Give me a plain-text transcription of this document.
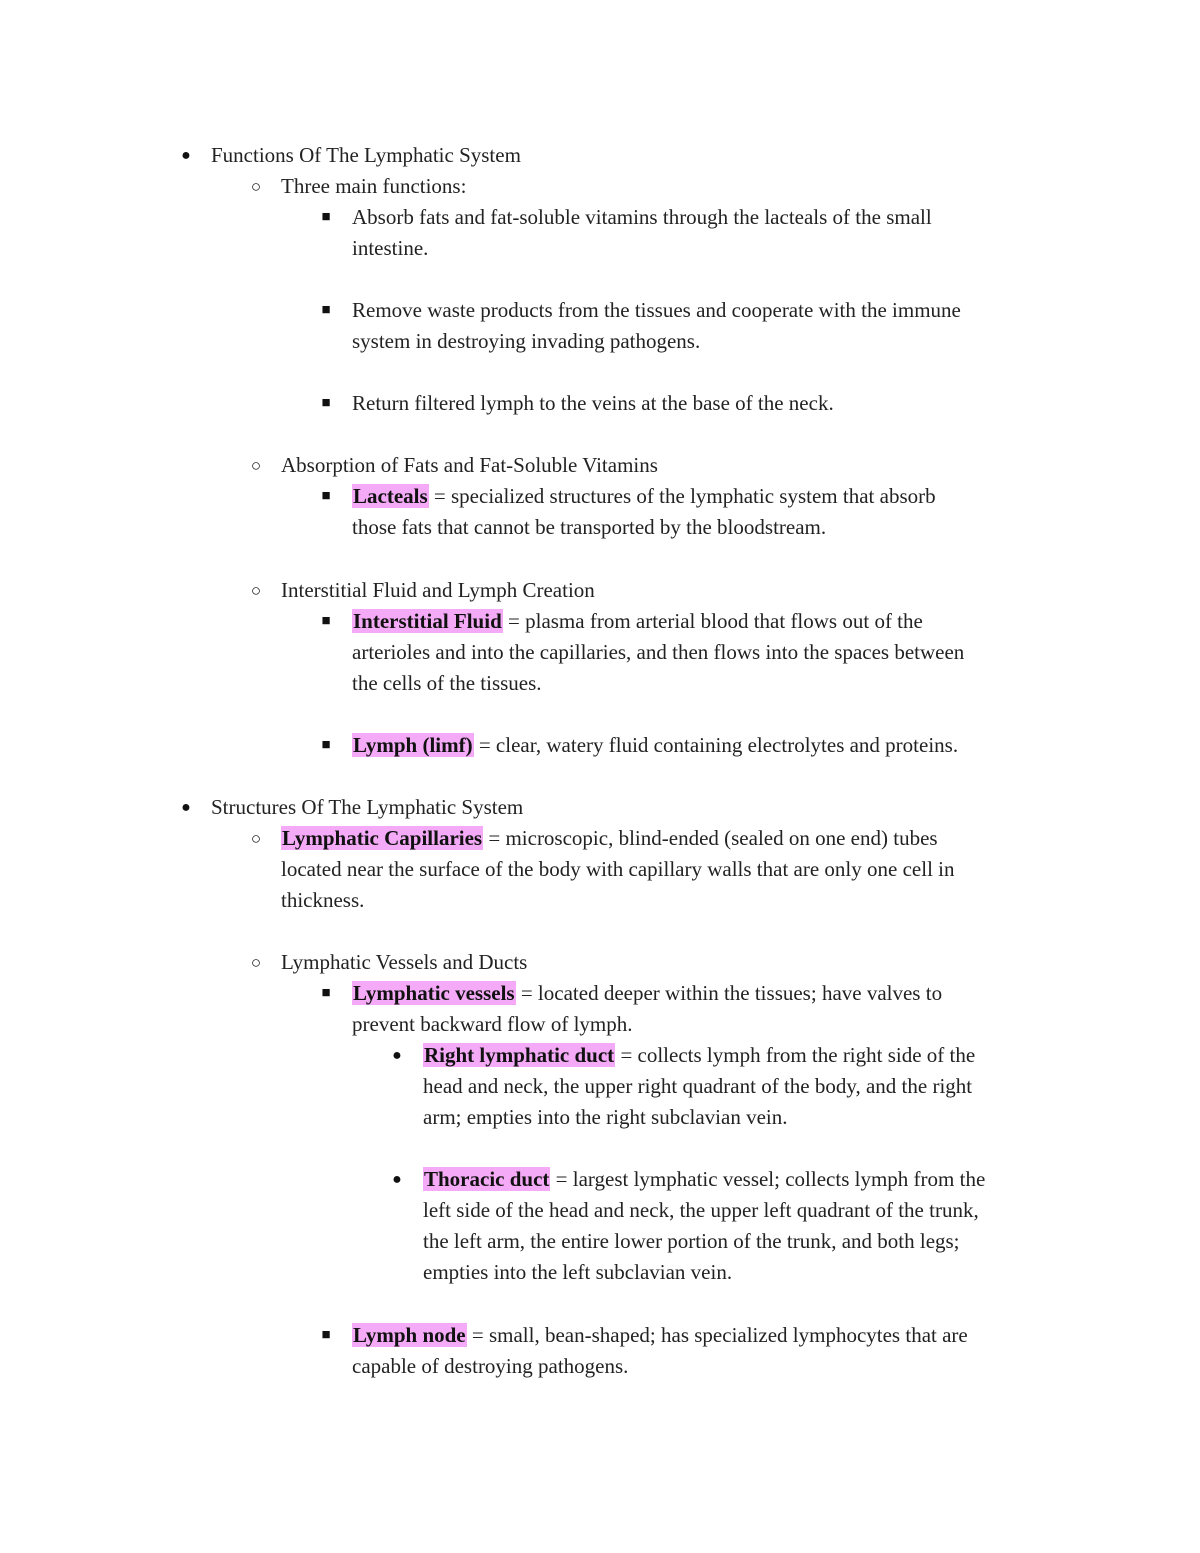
● Functions Of The Lymphatic System
○ Three main functions:
■ Absorb fats and fat-soluble vitamins through the lacteals of the small
intestine.
■ Remove waste products from the tissues and cooperate with the immune
system in destroying invading pathogens.
■ Return filtered lymph to the veins at the base of the neck.
○ Absorption of Fats and Fat-Soluble Vitamins
■ Lacteals = specialized structures of the lymphatic system that absorb
those fats that cannot be transported by the bloodstream.
○ Interstitial Fluid and Lymph Creation
■ Interstitial Fluid = plasma from arterial blood that flows out of the
arterioles and into the capillaries, and then flows into the spaces between
the cells of the tissues.
■ Lymph (limf) = clear, watery fluid containing electrolytes and proteins.
● Structures Of The Lymphatic System
○ Lymphatic Capillaries = microscopic, blind-ended (sealed on one end) tubes
located near the surface of the body with capillary walls that are only one cell in
thickness.
○ Lymphatic Vessels and Ducts
■ Lymphatic vessels = located deeper within the tissues; have valves to
prevent backward flow of lymph.
● Right lymphatic duct = collects lymph from the right side of the
head and neck, the upper right quadrant of the body, and the right
arm; empties into the right subclavian vein.
● Thoracic duct = largest lymphatic vessel; collects lymph from the
left side of the head and neck, the upper left quadrant of the trunk,
the left arm, the entire lower portion of the trunk, and both legs;
empties into the left subclavian vein.
■ Lymph node = small, bean-shaped; has specialized lymphocytes that are
capable of destroying pathogens.
